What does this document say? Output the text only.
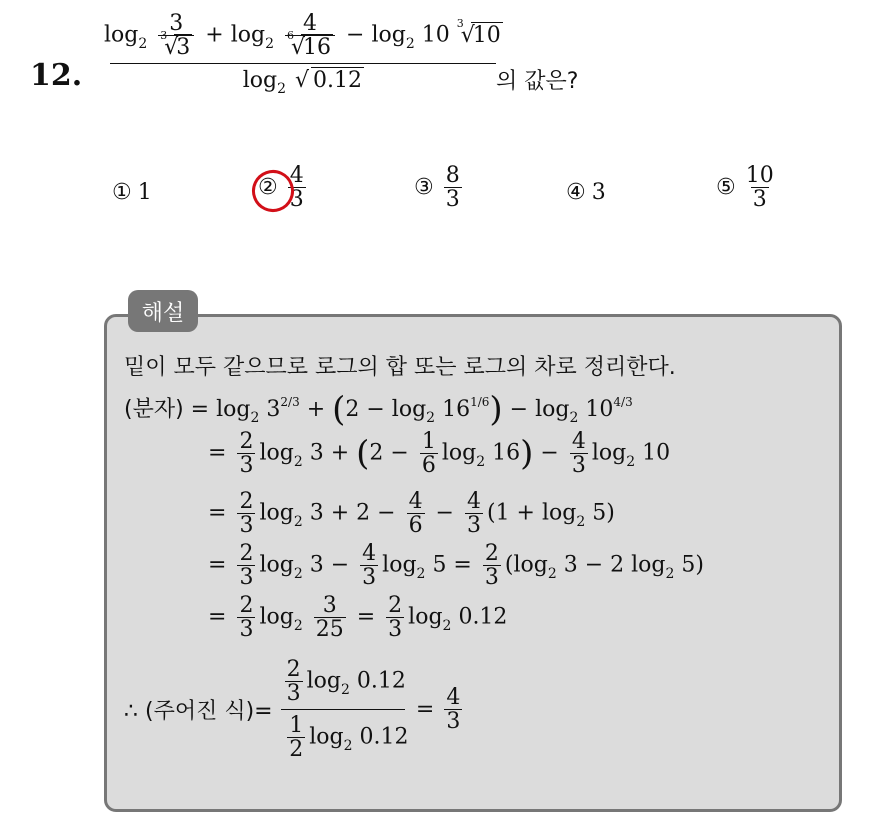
12.
$\log_2 3$
3
√
$3 + \log_2 4$
6
√
$16 - \log_2 10$ 3
√
10
$\log_2$ √ 0.12	의 값은?
① 1	② $\frac{4}{3}$	③ $\frac{8}{3}$	④ 3	⑤ $\frac{10}{3}$
해설
밑이 모두 같으므로 로그의 합 또는 로그의 차로 정리한다.
(분자) = $\log_2 3^{2/3} + (2 - \log_2 16^{1/6}) - \log_2 10^{4/3}$
= $\frac{2}{3} \log_2 3 + (2 - \frac{1}{6} \log_2 16) - \frac{4}{3} \log_2 10$
= $\frac{2}{3} \log_2 3 + 2 - \frac{4}{6} - \frac{4}{3} (1 + \log_2 5)$
= $\frac{2}{3} \log_2 3 - \frac{4}{3} \log_2 5 = \frac{2}{3} (\log_2$ 3 − 2 $\log_2 5$)
= $\frac{2}{3} \log_2 \frac{3}{25} = \frac{2}{3} \log_2 0.12$
∴ (주어진 식)= $\frac{\frac{2}{3} \log_2 0.12}{\frac{1}{2} \log_2 0.12} = \frac{4}{3}$
